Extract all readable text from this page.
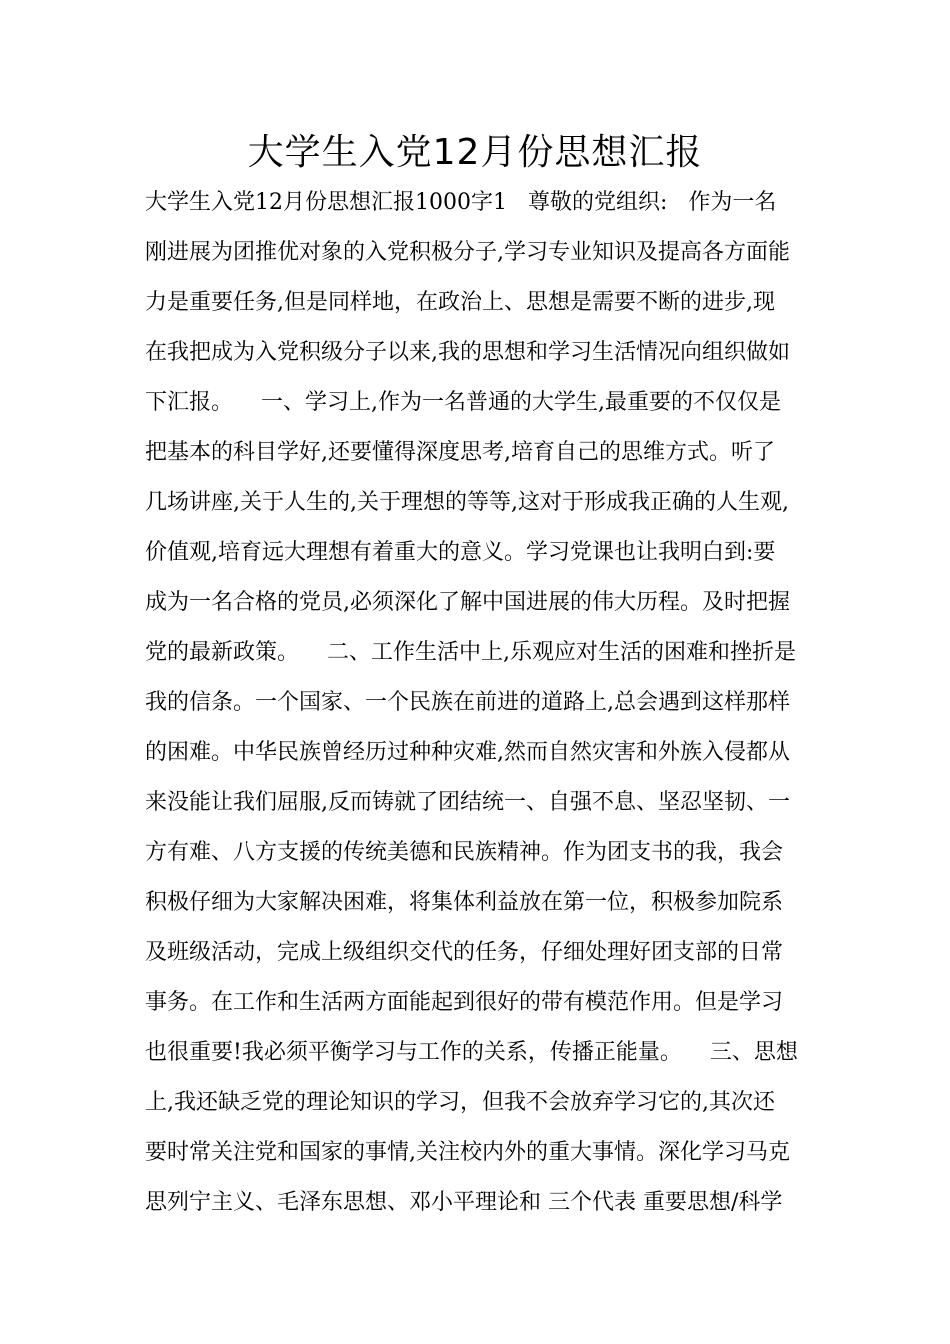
大学生入党12月份思想汇报
大学生入党12月份思想汇报1000字1   尊敬的党组织:   作为一名
刚进展为团推优对象的入党积极分子,学习专业知识及提高各方面能
力是重要任务,但是同样地，在政治上、思想是需要不断的进步,现
在我把成为入党积级分子以来,我的思想和学习生活情况向组织做如
下汇报。    一、学习上,作为一名普通的大学生,最重要的不仅仅是
把基本的科目学好,还要懂得深度思考,培育自己的思维方式。听了
几场讲座,关于人生的,关于理想的等等,这对于形成我正确的人生观,
价值观,培育远大理想有着重大的意义。学习党课也让我明白到:要
成为一名合格的党员,必须深化了解中国进展的伟大历程。及时把握
党的最新政策。    二、工作生活中上,乐观应对生活的困难和挫折是
我的信条。一个国家、一个民族在前进的道路上,总会遇到这样那样
的困难。中华民族曾经历过种种灾难,然而自然灾害和外族入侵都从
来没能让我们屈服,反而铸就了团结统一、自强不息、坚忍坚韧、一
方有难、八方支援的传统美德和民族精神。作为团支书的我，我会
积极仔细为大家解决困难，将集体利益放在第一位，积极参加院系
及班级活动，完成上级组织交代的任务，仔细处理好团支部的日常
事务。在工作和生活两方面能起到很好的带有模范作用。但是学习
也很重要!我必须平衡学习与工作的关系，传播正能量。    三、思想
上,我还缺乏党的理论知识的学习，但我不会放弃学习它的,其次还
要时常关注党和国家的事情,关注校内外的重大事情。深化学习马克
思列宁主义、毛泽东思想、邓小平理论和 三个代表 重要思想/科学
